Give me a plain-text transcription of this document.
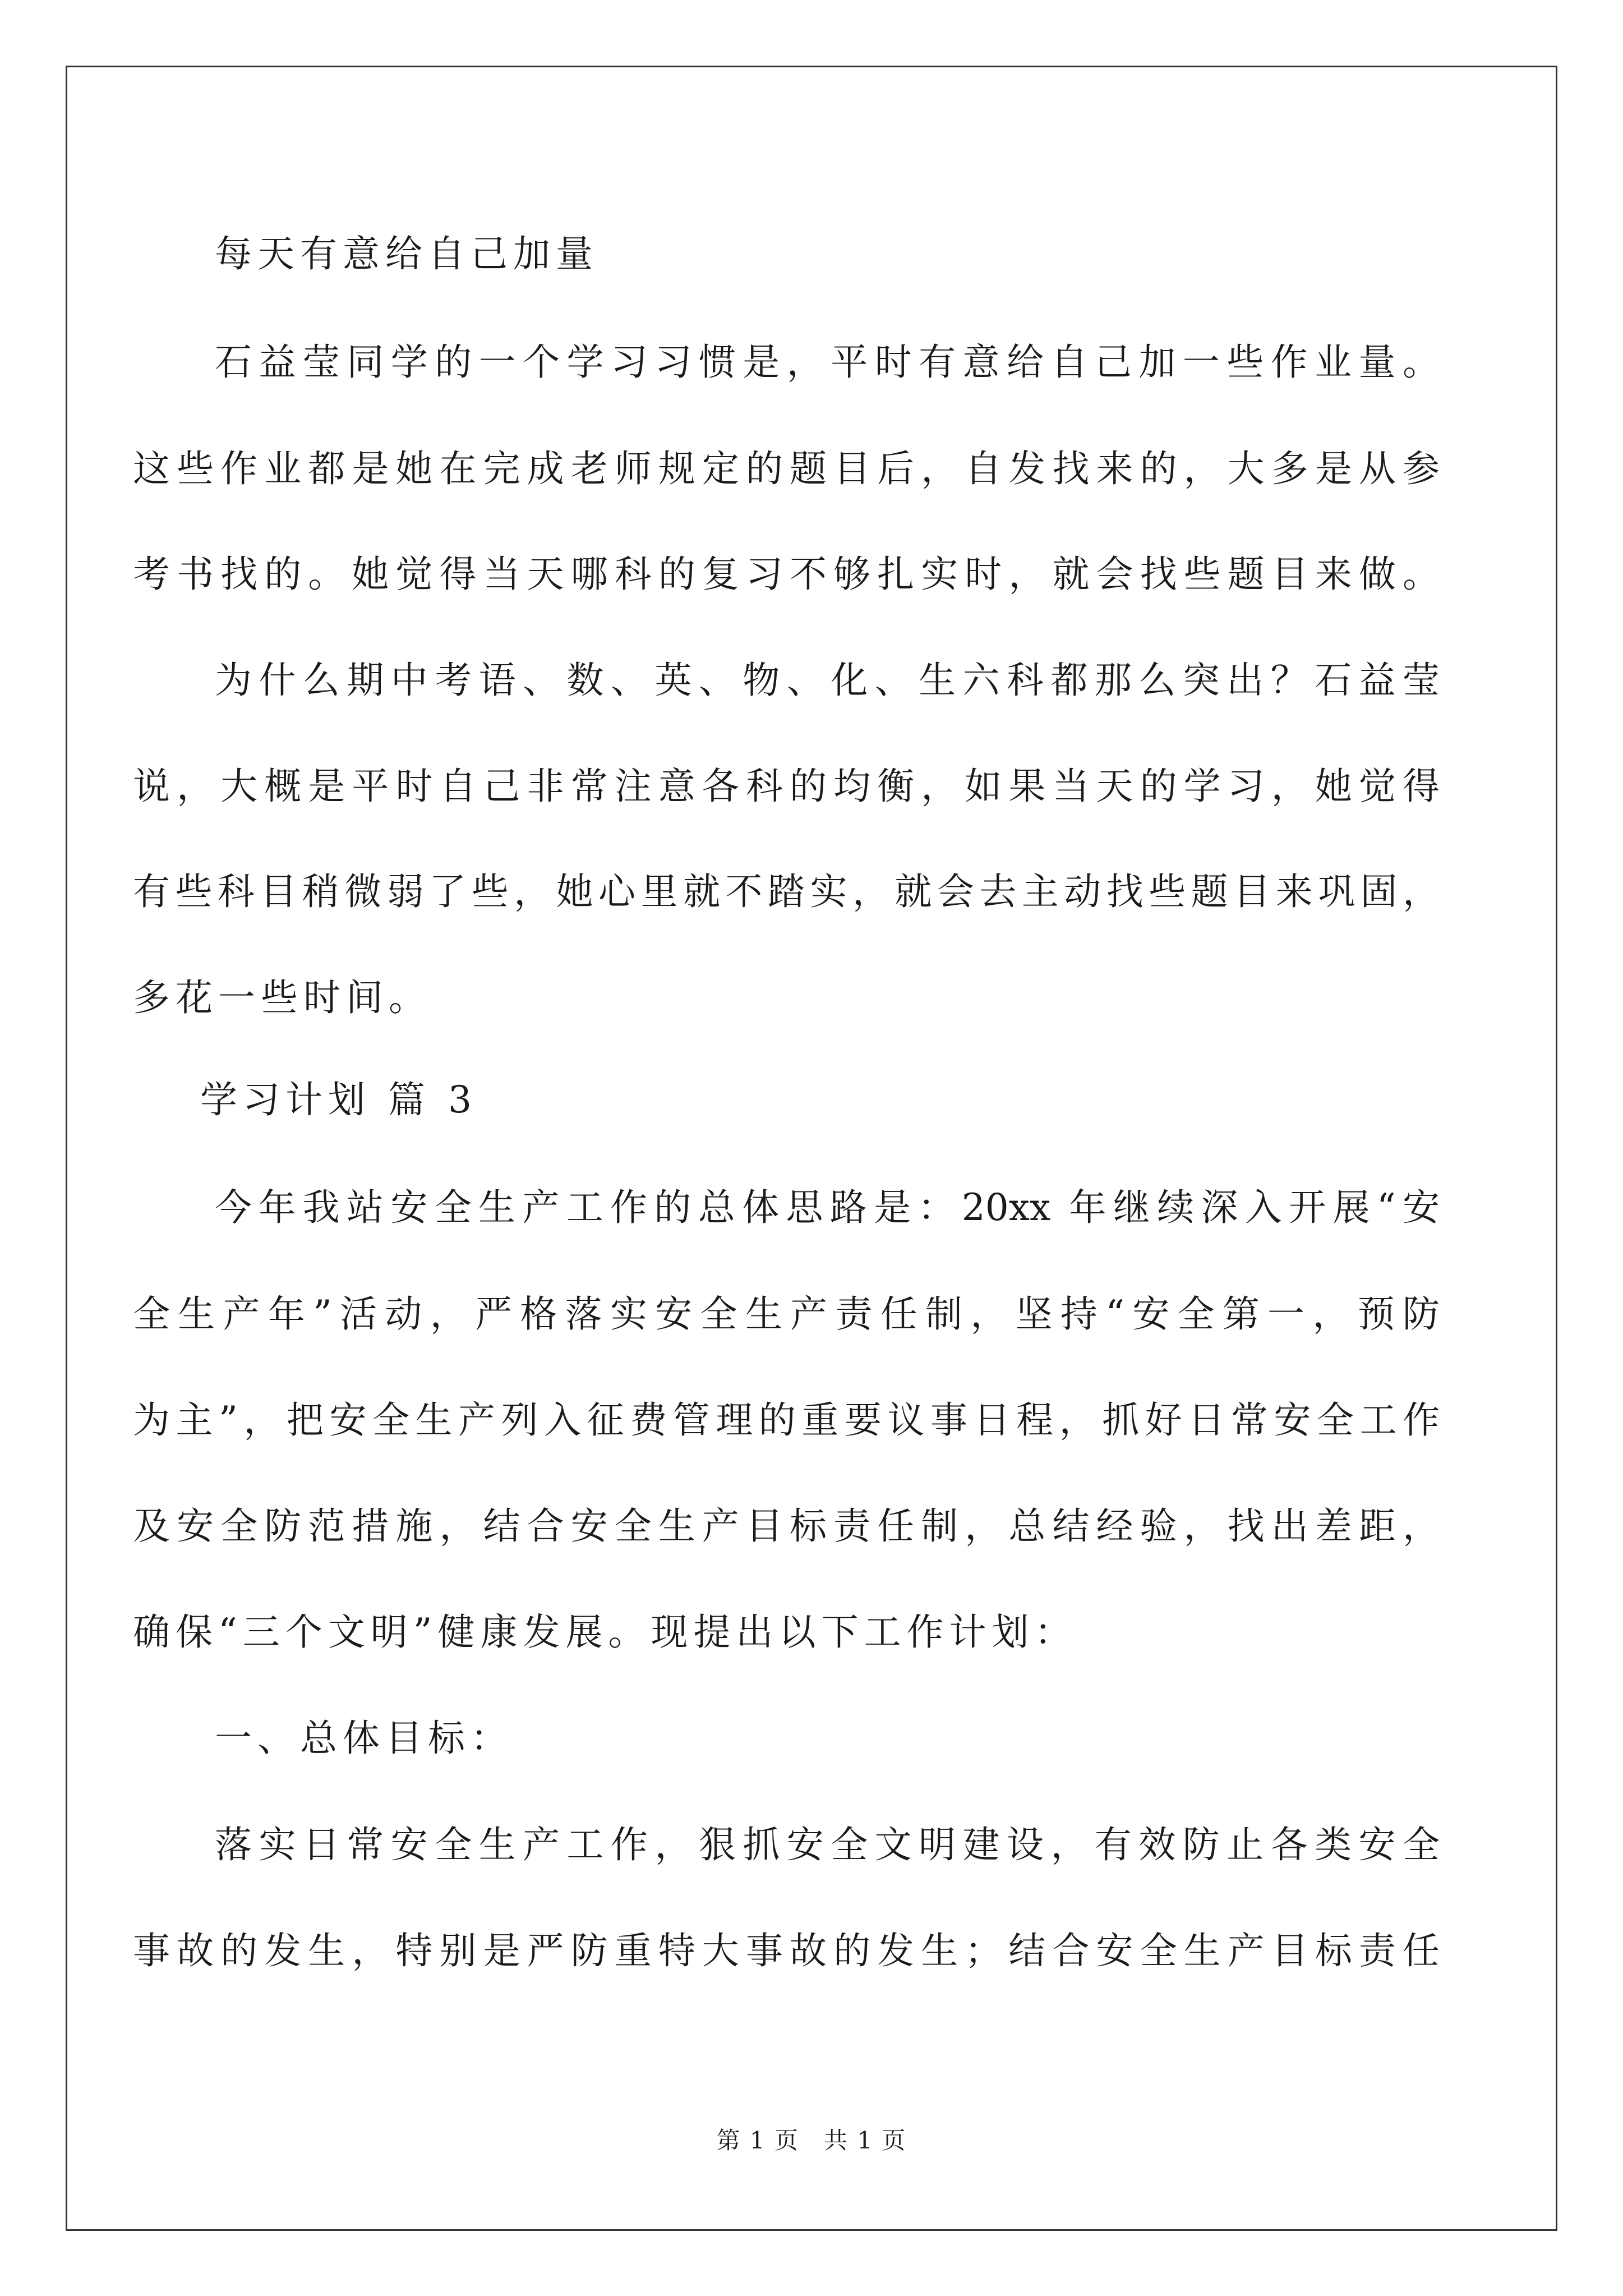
每天有意给自己加量
石益莹同学的一个学习习惯是，平时有意给自己加一些作业量。
这些作业都是她在完成老师规定的题目后，自发找来的，大多是从参
考书找的。她觉得当天哪科的复习不够扎实时，就会找些题目来做。
为什么期中考语、数、英、物、化、生六科都那么突出？石益莹
说，大概是平时自己非常注意各科的均衡，如果当天的学习，她觉得
有些科目稍微弱了些，她心里就不踏实，就会去主动找些题目来巩固，
多花一些时间。
学习计划 篇 3
今年我站安全生产工作的总体思路是：20xx 年继续深入开展“安
全生产年”活动，严格落实安全生产责任制，坚持“安全第一，预防
为主”，把安全生产列入征费管理的重要议事日程，抓好日常安全工作
及安全防范措施，结合安全生产目标责任制，总结经验，找出差距，
确保“三个文明”健康发展。现提出以下工作计划：
一、总体目标：
落实日常安全生产工作，狠抓安全文明建设，有效防止各类安全
事故的发生，特别是严防重特大事故的发生；结合安全生产目标责任
第 1 页　共 1 页
